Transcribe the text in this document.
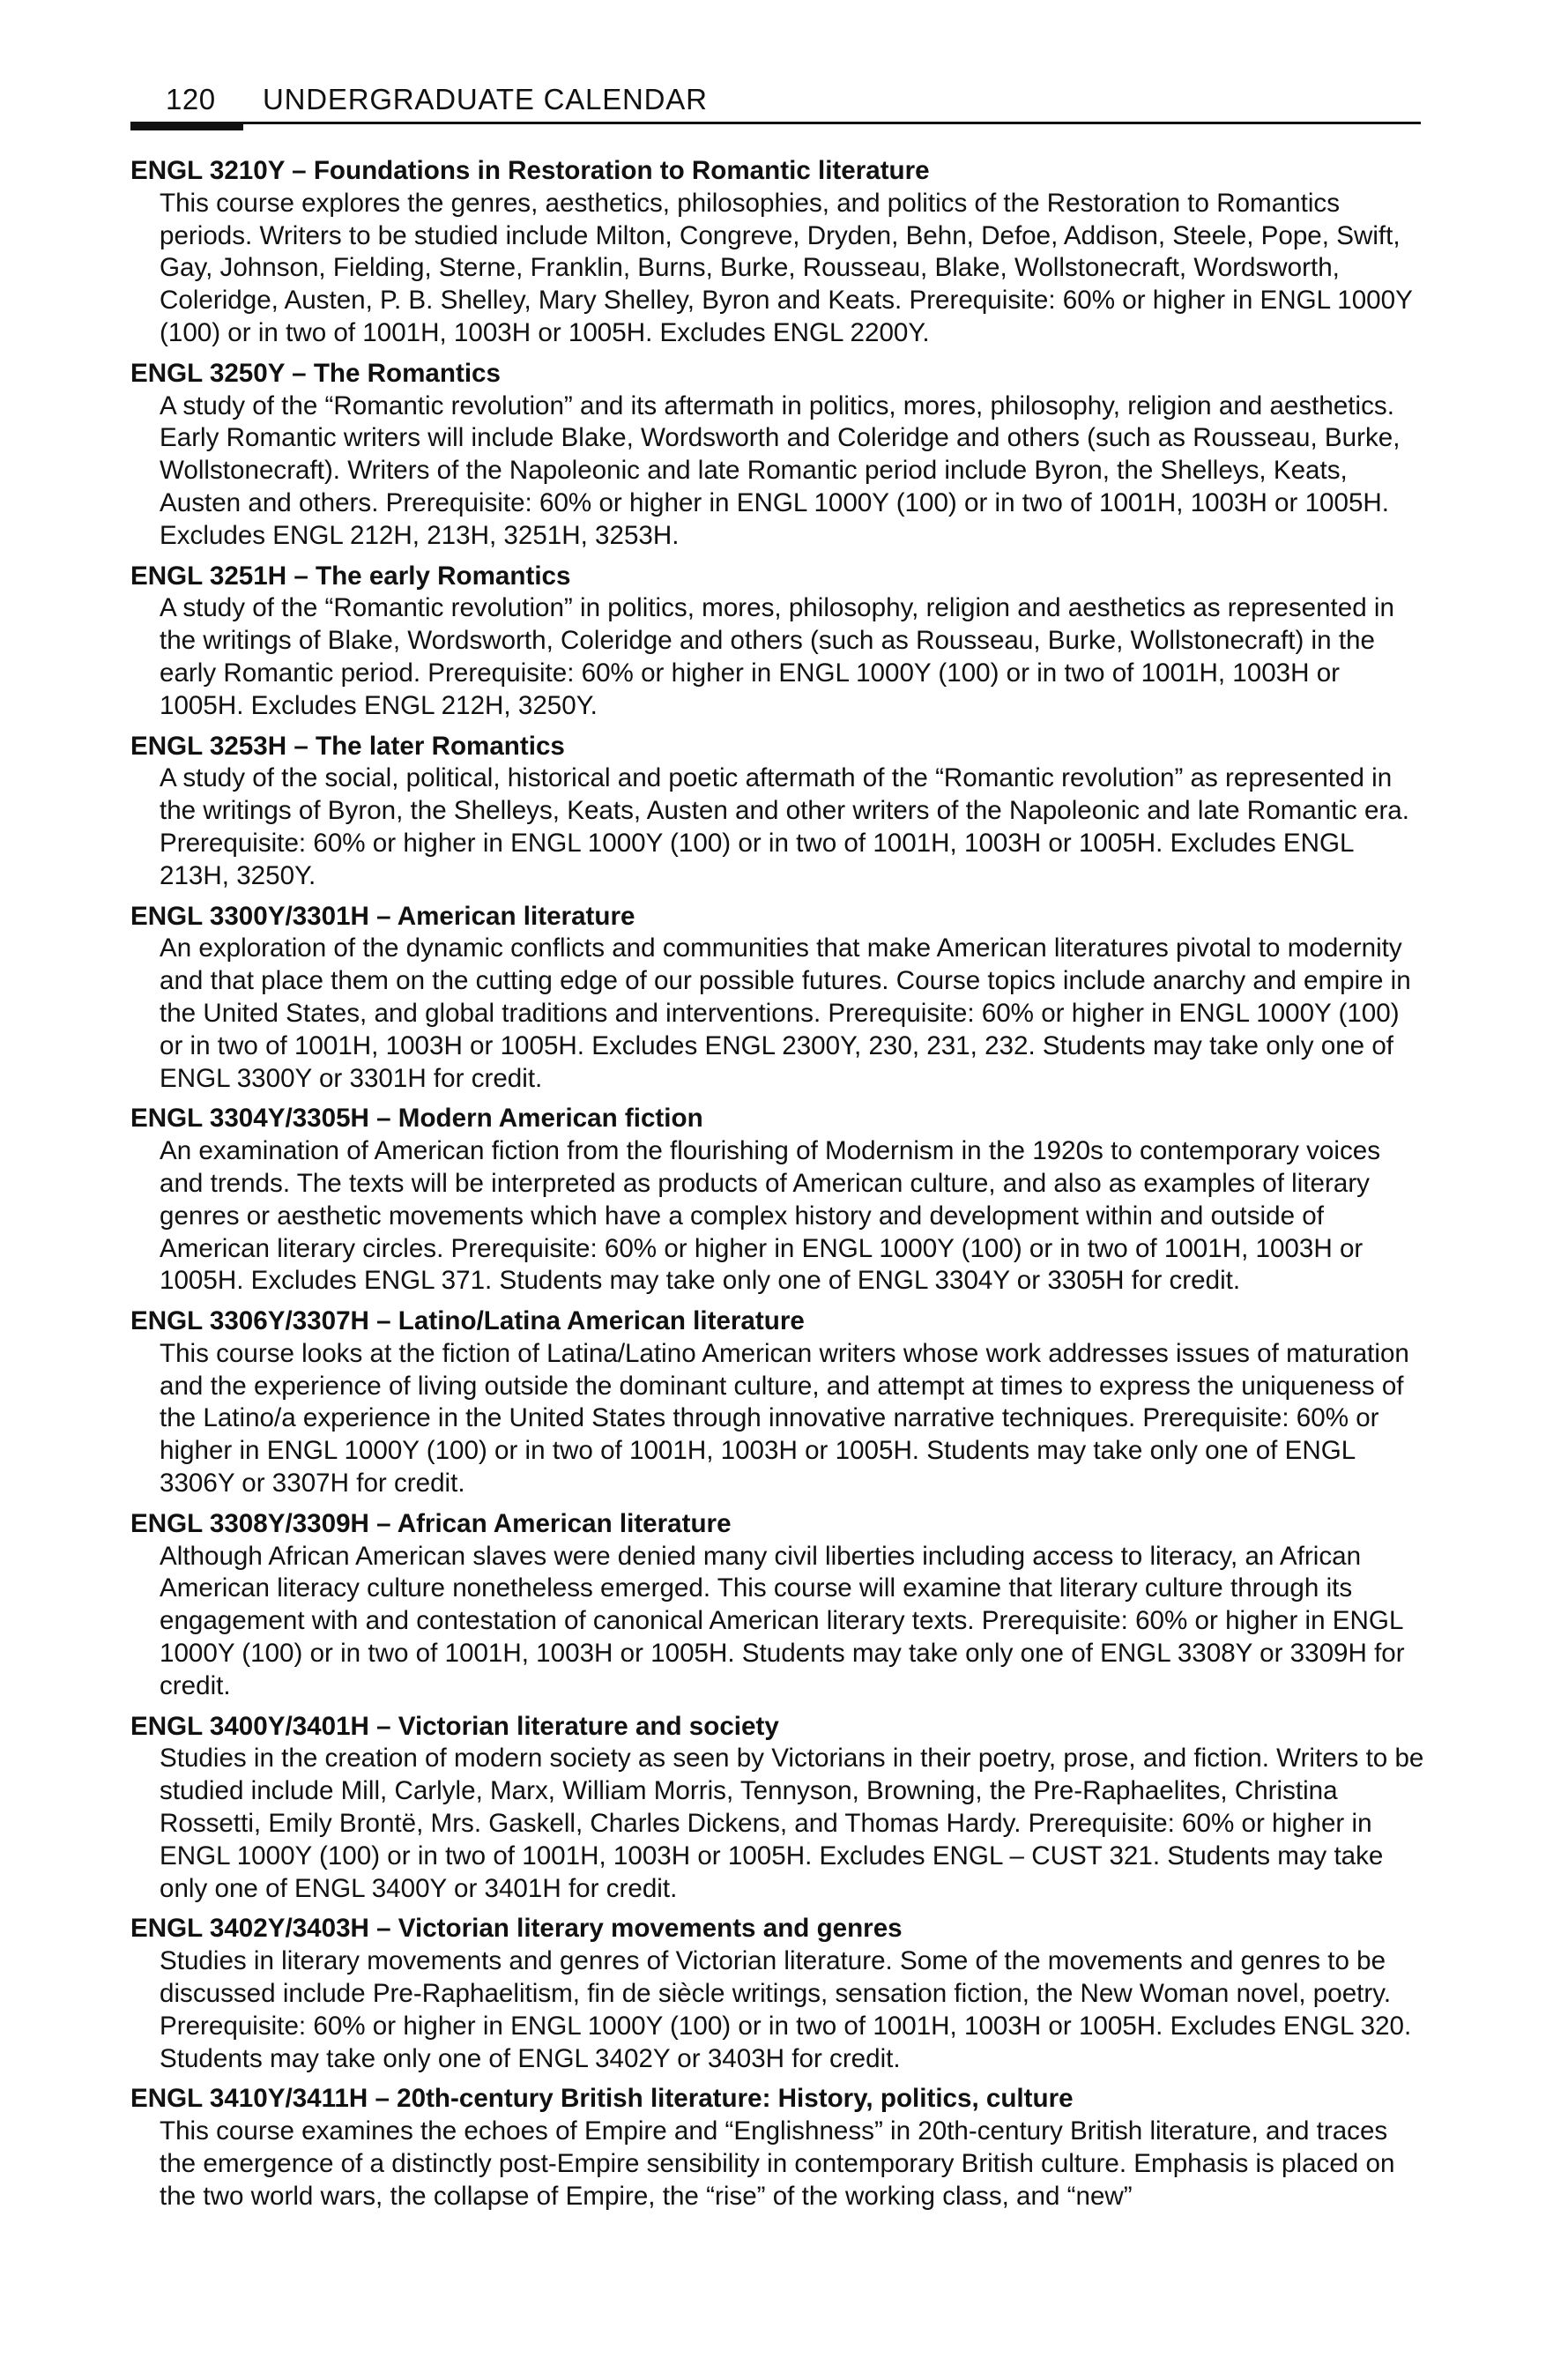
120 UNDERGRADUATE CALENDAR
ENGL 3210Y – Foundations in Restoration to Romantic literature
This course explores the genres, aesthetics, philosophies, and politics of the Restoration to Romantics periods. Writers to be studied include Milton, Congreve, Dryden, Behn, Defoe, Addison, Steele, Pope, Swift, Gay, Johnson, Fielding, Sterne, Franklin, Burns, Burke, Rousseau, Blake, Wollstonecraft, Wordsworth, Coleridge, Austen, P. B. Shelley, Mary Shelley, Byron and Keats. Prerequisite: 60% or higher in ENGL 1000Y (100) or in two of 1001H, 1003H or 1005H. Excludes ENGL 2200Y.
ENGL 3250Y – The Romantics
A study of the “Romantic revolution” and its aftermath in politics, mores, philosophy, religion and aesthetics. Early Romantic writers will include Blake, Wordsworth and Coleridge and others (such as Rousseau, Burke, Wollstonecraft). Writers of the Napoleonic and late Romantic period include Byron, the Shelleys, Keats, Austen and others. Prerequisite: 60% or higher in ENGL 1000Y (100) or in two of 1001H, 1003H or 1005H. Excludes ENGL 212H, 213H, 3251H, 3253H.
ENGL 3251H – The early Romantics
A study of the “Romantic revolution” in politics, mores, philosophy, religion and aesthetics as represented in the writings of Blake, Wordsworth, Coleridge and others (such as Rousseau, Burke, Wollstonecraft) in the early Romantic period. Prerequisite: 60% or higher in ENGL 1000Y (100) or in two of 1001H, 1003H or 1005H. Excludes ENGL 212H, 3250Y.
ENGL 3253H – The later Romantics
A study of the social, political, historical and poetic aftermath of the “Romantic revolution” as represented in the writings of Byron, the Shelleys, Keats, Austen and other writers of the Napoleonic and late Romantic era. Prerequisite: 60% or higher in ENGL 1000Y (100) or in two of 1001H, 1003H or 1005H. Excludes ENGL 213H, 3250Y.
ENGL 3300Y/3301H – American literature
An exploration of the dynamic conflicts and communities that make American literatures pivotal to modernity and that place them on the cutting edge of our possible futures. Course topics include anarchy and empire in the United States, and global traditions and interventions. Prerequisite: 60% or higher in ENGL 1000Y (100) or in two of 1001H, 1003H or 1005H. Excludes ENGL 2300Y, 230, 231, 232. Students may take only one of ENGL 3300Y or 3301H for credit.
ENGL 3304Y/3305H – Modern American fiction
An examination of American fiction from the flourishing of Modernism in the 1920s to contemporary voices and trends. The texts will be interpreted as products of American culture, and also as examples of literary genres or aesthetic movements which have a complex history and development within and outside of American literary circles. Prerequisite: 60% or higher in ENGL 1000Y (100) or in two of 1001H, 1003H or 1005H. Excludes ENGL 371. Students may take only one of ENGL 3304Y or 3305H for credit.
ENGL 3306Y/3307H – Latino/Latina American literature
This course looks at the fiction of Latina/Latino American writers whose work addresses issues of maturation and the experience of living outside the dominant culture, and attempt at times to express the uniqueness of the Latino/a experience in the United States through innovative narrative techniques. Prerequisite: 60% or higher in ENGL 1000Y (100) or in two of 1001H, 1003H or 1005H. Students may take only one of ENGL 3306Y or 3307H for credit.
ENGL 3308Y/3309H – African American literature
Although African American slaves were denied many civil liberties including access to literacy, an African American literacy culture nonetheless emerged. This course will examine that literary culture through its engagement with and contestation of canonical American literary texts. Prerequisite: 60% or higher in ENGL 1000Y (100) or in two of 1001H, 1003H or 1005H. Students may take only one of ENGL 3308Y or 3309H for credit.
ENGL 3400Y/3401H – Victorian literature and society
Studies in the creation of modern society as seen by Victorians in their poetry, prose, and fiction. Writers to be studied include Mill, Carlyle, Marx, William Morris, Tennyson, Browning, the Pre-Raphaelites, Christina Rossetti, Emily Brontë, Mrs. Gaskell, Charles Dickens, and Thomas Hardy. Prerequisite: 60% or higher in ENGL 1000Y (100) or in two of 1001H, 1003H or 1005H. Excludes ENGL – CUST 321. Students may take only one of ENGL 3400Y or 3401H for credit.
ENGL 3402Y/3403H – Victorian literary movements and genres
Studies in literary movements and genres of Victorian literature. Some of the movements and genres to be discussed include Pre-Raphaelitism, fin de siècle writings, sensation fiction, the New Woman novel, poetry. Prerequisite: 60% or higher in ENGL 1000Y (100) or in two of 1001H, 1003H or 1005H. Excludes ENGL 320. Students may take only one of ENGL 3402Y or 3403H for credit.
ENGL 3410Y/3411H – 20th-century British literature: History, politics, culture
This course examines the echoes of Empire and “Englishness” in 20th-century British literature, and traces the emergence of a distinctly post-Empire sensibility in contemporary British culture. Emphasis is placed on the two world wars, the collapse of Empire, the “rise” of the working class, and “new”
